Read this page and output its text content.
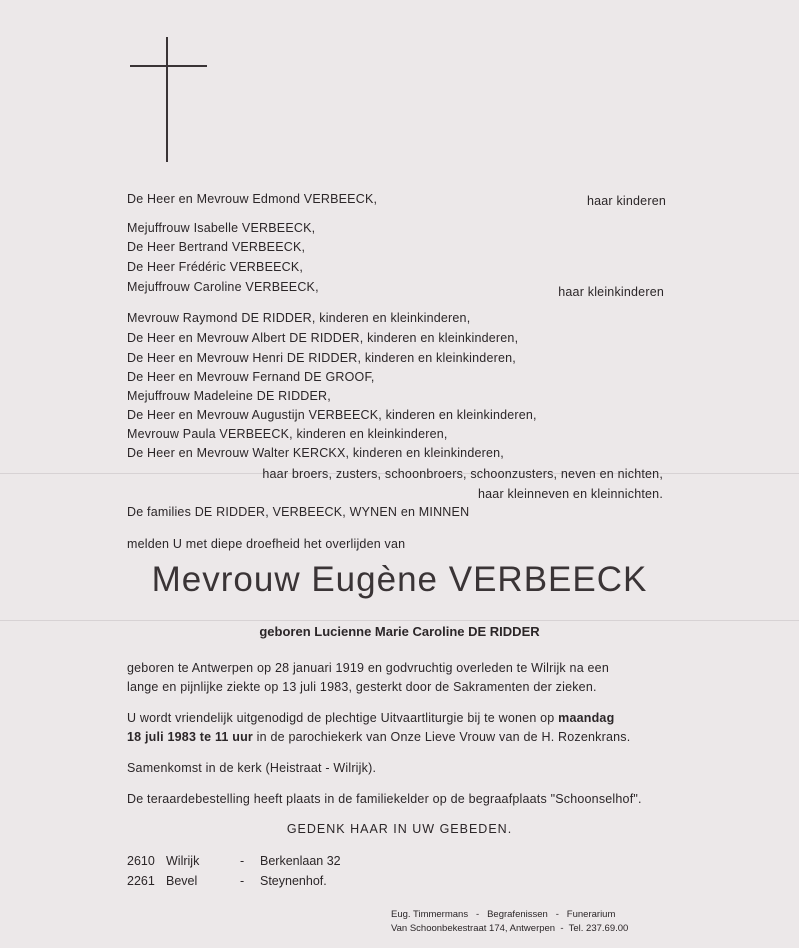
De Heer en Mevrouw Edmond VERBEECK,	haar kinderen
Mejuffrouw Isabelle VERBEECK,
De Heer Bertrand VERBEECK,
De Heer Frédéric VERBEECK,
Mejuffrouw Caroline VERBEECK,	haar kleinkinderen
Mevrouw Raymond DE RIDDER, kinderen en kleinkinderen,
De Heer en Mevrouw Albert DE RIDDER, kinderen en kleinkinderen,
De Heer en Mevrouw Henri DE RIDDER, kinderen en kleinkinderen,
De Heer en Mevrouw Fernand DE GROOF,
Mejuffrouw Madeleine DE RIDDER,
De Heer en Mevrouw Augustijn VERBEECK, kinderen en kleinkinderen,
Mevrouw Paula VERBEECK, kinderen en kleinkinderen,
De Heer en Mevrouw Walter KERCKX, kinderen en kleinkinderen,
haar broers, zusters, schoonbroers, schoonzusters, neven en nichten,
haar kleinneven en kleinnichten.
De families DE RIDDER, VERBEECK, WYNEN en MINNEN
melden U met diepe droefheid het overlijden van
Mevrouw Eugène VERBEECK
geboren Lucienne Marie Caroline DE RIDDER
geboren te Antwerpen op 28 januari 1919 en godvruchtig overleden te Wilrijk na een
lange en pijnlijke ziekte op 13 juli 1983, gesterkt door de Sakramenten der zieken.
U wordt vriendelijk uitgenodigd de plechtige Uitvaartliturgie bij te wonen op maandag
18 juli 1983 te 11 uur in de parochiekerk van Onze Lieve Vrouw van de H. Rozenkrans.
Samenkomst in de kerk (Heistraat - Wilrijk).
De teraardebestelling heeft plaats in de familiekelder op de begraafplaats "Schoonselhof".
GEDENK HAAR IN UW GEBEDEN.
2610 Wilrijk	- Berkenlaan 32
2261 Bevel	- Steynenhof.
Eug. Timmermans   -   Begrafenissen   -   Funerarium
Van Schoonbekestraat 174, Antwerpen  -  Tel. 237.69.00
